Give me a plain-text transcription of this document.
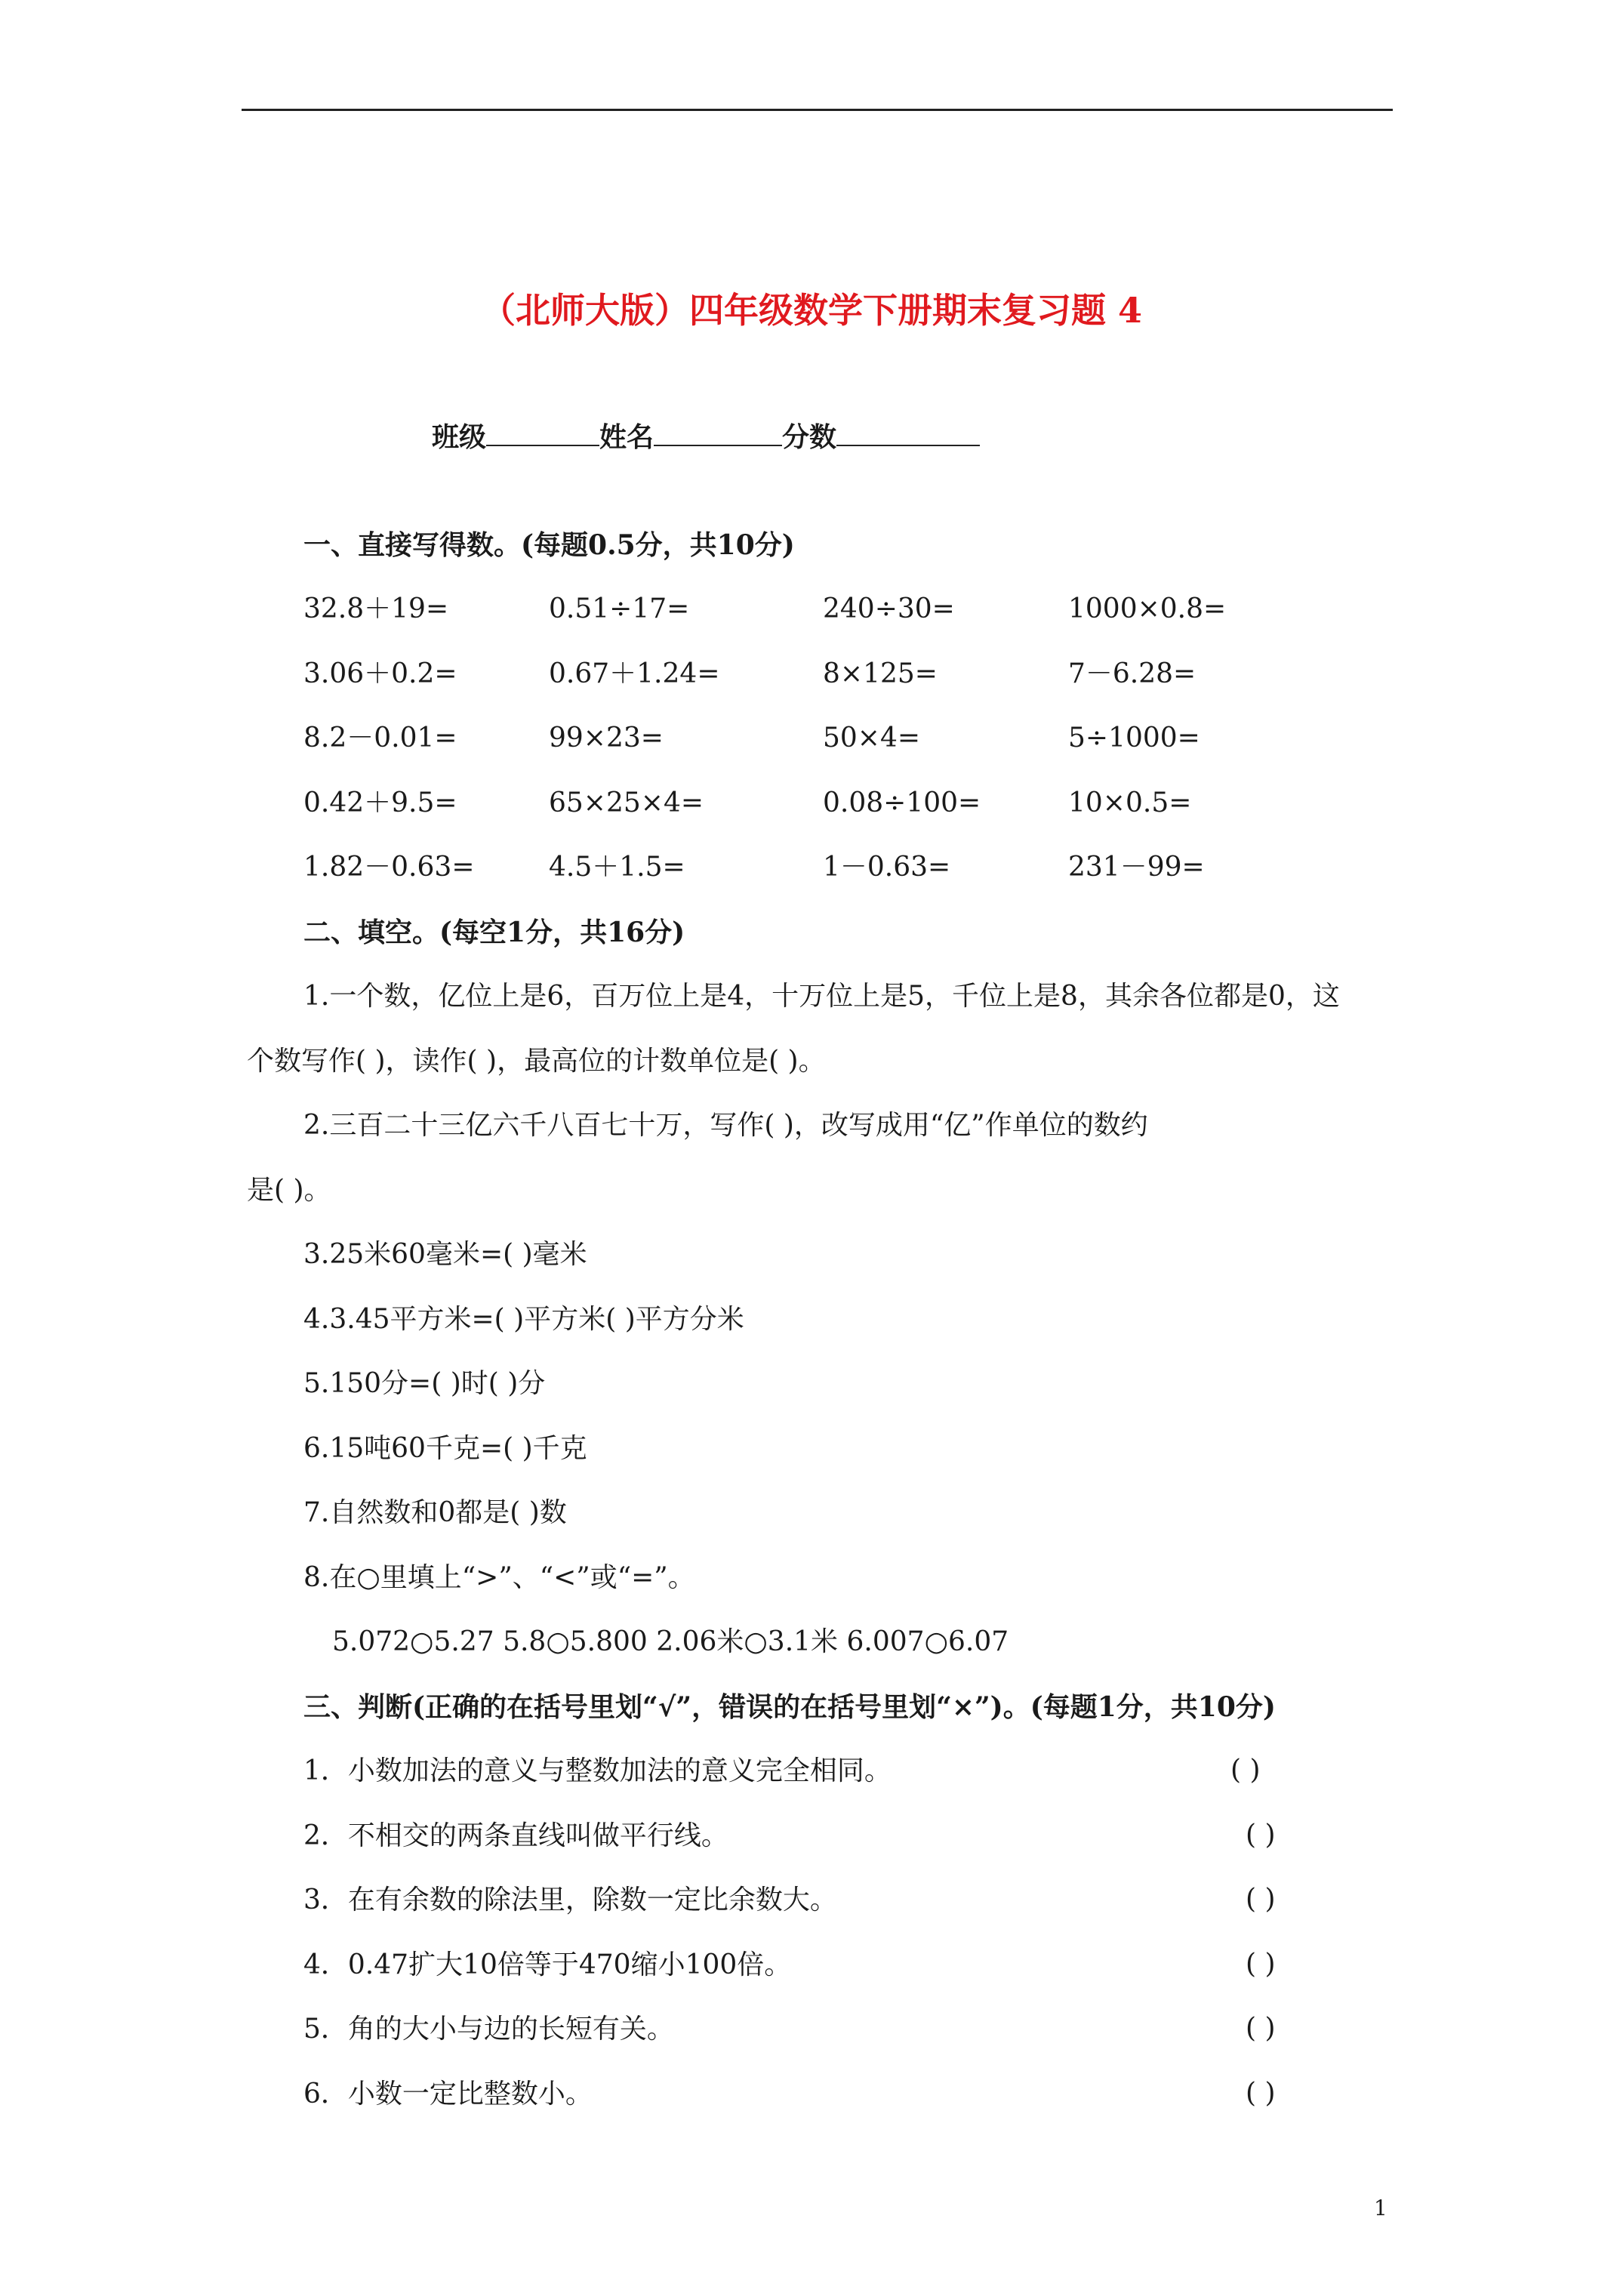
（北师大版）四年级数学下册期末复习题 4
班级	姓名	分数
一、直接写得数。(每题0.5分，共10分)
32.8＋19=	0.51÷17=	240÷30=	1000×0.8=
3.06＋0.2=	0.67＋1.24=	8×125=	7－6.28=
8.2－0.01=	99×23=	50×4=	5÷1000=
0.42＋9.5=	65×25×4=	0.08÷100=	10×0.5=
1.82－0.63=	4.5＋1.5=	1－0.63=	231－99=
二、填空。(每空1分，共16分)
1.一个数，亿位上是6，百万位上是4，十万位上是5，千位上是8，其余各位都是0，这
个数写作( )，读作( )，最高位的计数单位是( )。
2.三百二十三亿六千八百七十万，写作( )，改写成用“亿”作单位的数约
是( )。
3.25米60毫米=( )毫米
4.3.45平方米=( )平方米( )平方分米
5.150分=( )时( )分
6.15吨60千克=( )千克
7.自然数和0都是( )数
8.在○里填上“>”、“<”或“=”。
5.072○5.27 5.8○5.800 2.06米○3.1米 6.007○6.07
三、判断(正确的在括号里划“√”，错误的在括号里划“×”)。(每题1分，共10分)
1．小数加法的意义与整数加法的意义完全相同。	( )
2．不相交的两条直线叫做平行线。	( )
3．在有余数的除法里，除数一定比余数大。	( )
4．0.47扩大10倍等于470缩小100倍。	( )
5．角的大小与边的长短有关。	( )
6．小数一定比整数小。	( )
1
